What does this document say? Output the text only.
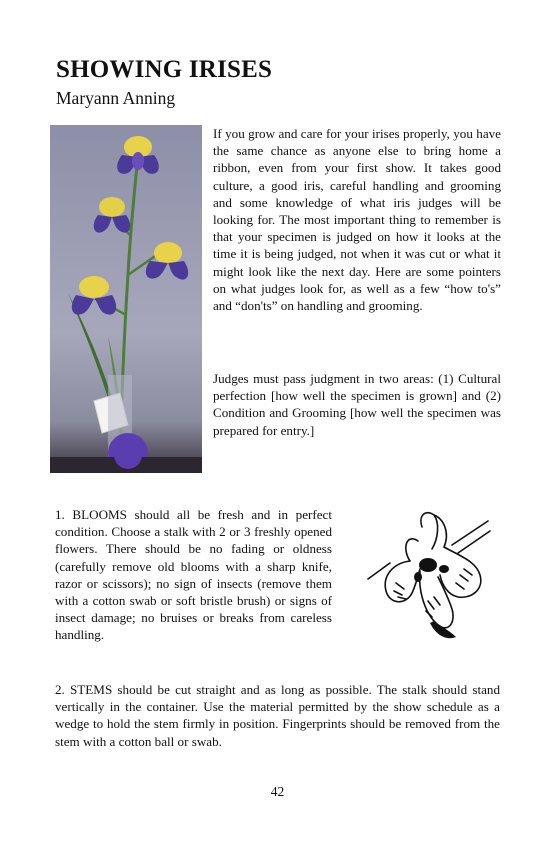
SHOWING IRISES

Maryann Anning

If you grow and care for your irises properly, you have the same chance as anyone else to bring home a ribbon, even from your first show. It takes good culture, a good iris, careful handling and grooming and some knowledge of what iris judges will be looking for. The most important thing to remember is that your specimen is judged on how it looks at the time it is being judged, not when it was cut or what it might look like the next day. Here are some pointers on what judges look for, as well as a few “how to's” and “don'ts” on handling and grooming.

Judges must pass judgment in two areas: (1) Cultural perfection [how well the specimen is grown] and (2) Condition and Grooming [how well the specimen was prepared for entry.]

1. BLOOMS should all be fresh and in perfect condition. Choose a stalk with 2 or 3 freshly opened flowers. There should be no fading or oldness (carefully remove old blooms with a sharp knife, razor or scissors); no sign of insects (remove them with a cotton swab or soft bristle brush) or signs of insect damage; no bruises or breaks from careless handling.

2. STEMS should be cut straight and as long as possible. The stalk should stand vertically in the container. Use the material permitted by the show schedule as a wedge to hold the stem firmly in position. Fingerprints should be removed from the stem with a cotton ball or swab.

42
